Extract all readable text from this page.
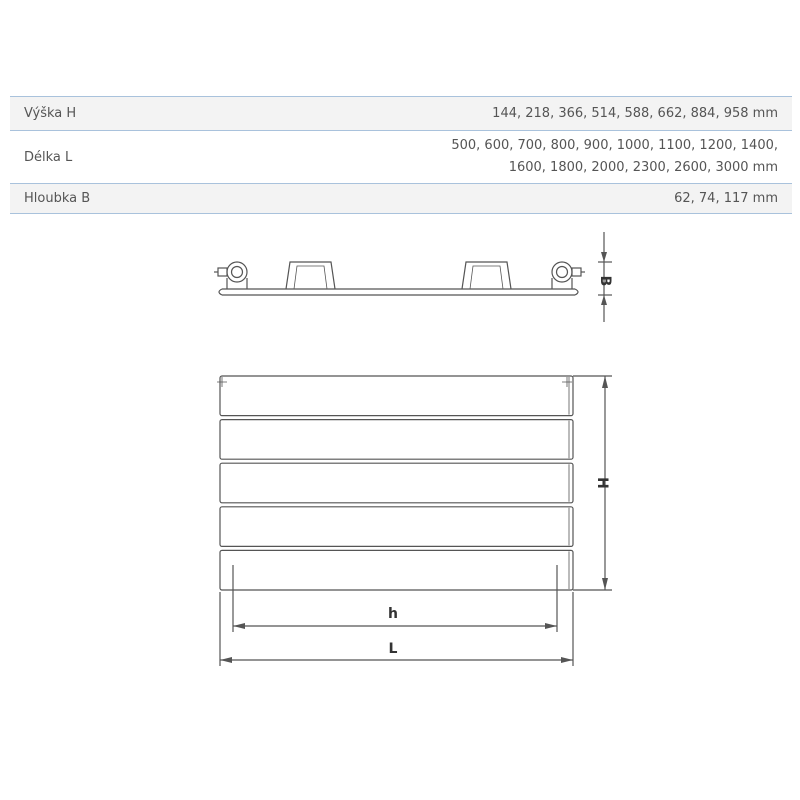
Výška H	144, 218, 366, 514, 588, 662, 884, 958 mm
Délka L
500, 600, 700, 800, 900, 1000, 1100, 1200, 1400,
1600, 1800, 2000, 2300, 2600, 3000 mm
Hloubka B	62, 74, 117 mm
B
H
h
L
